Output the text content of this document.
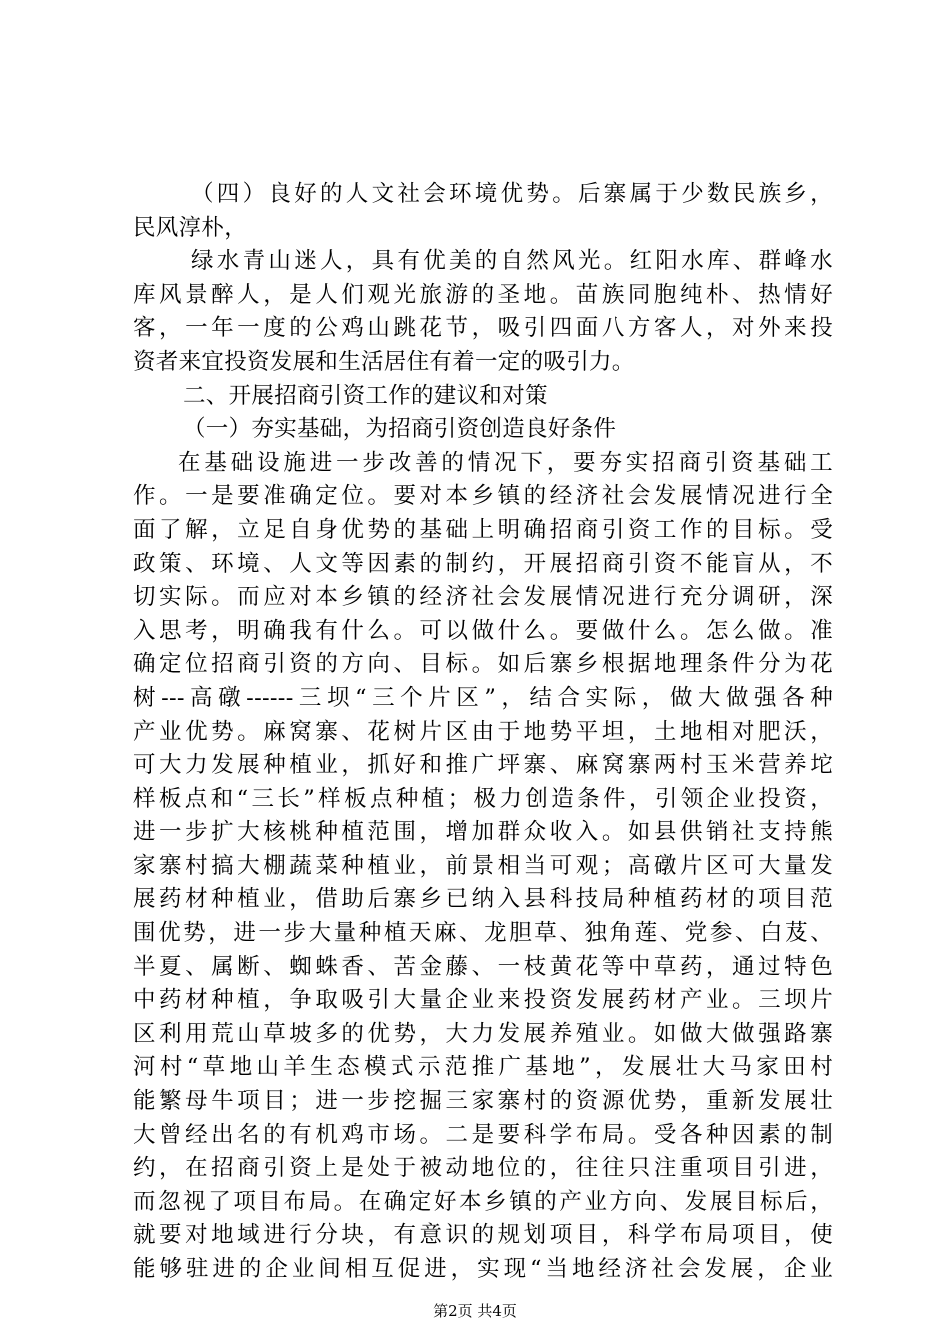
（四）良好的人文社会环境优势。后寨属于少数民族乡，
民风淳朴，
绿水青山迷人，具有优美的自然风光。红阳水库、群峰水
库风景醉人，是人们观光旅游的圣地。苗族同胞纯朴、热情好
客，一年一度的公鸡山跳花节，吸引四面八方客人，对外来投
资者来宜投资发展和生活居住有着一定的吸引力。
二、开展招商引资工作的建议和对策
（一）夯实基础，为招商引资创造良好条件
在基础设施进一步改善的情况下，要夯实招商引资基础工
作。一是要准确定位。要对本乡镇的经济社会发展情况进行全
面了解，立足自身优势的基础上明确招商引资工作的目标。受
政策、环境、人文等因素的制约，开展招商引资不能盲从，不
切实际。而应对本乡镇的经济社会发展情况进行充分调研，深
入思考，明确我有什么。可以做什么。要做什么。怎么做。准
确定位招商引资的方向、目标。如后寨乡根据地理条件分为花
树---高礅------三坝“三个片区”，结合实际，做大做强各种
产业优势。麻窝寨、花树片区由于地势平坦，土地相对肥沃，
可大力发展种植业，抓好和推广坪寨、麻窝寨两村玉米营养坨
样板点和“三长”样板点种植；极力创造条件，引领企业投资，
进一步扩大核桃种植范围，增加群众收入。如县供销社支持熊
家寨村搞大棚蔬菜种植业，前景相当可观；高礅片区可大量发
展药材种植业，借助后寨乡已纳入县科技局种植药材的项目范
围优势，进一步大量种植天麻、龙胆草、独角莲、党参、白芨、
半夏、属断、蜘蛛香、苦金藤、一枝黄花等中草药，通过特色
中药材种植，争取吸引大量企业来投资发展药材产业。三坝片
区利用荒山草坡多的优势，大力发展养殖业。如做大做强路寨
河村“草地山羊生态模式示范推广基地”，发展壮大马家田村
能繁母牛项目；进一步挖掘三家寨村的资源优势，重新发展壮
大曾经出名的有机鸡市场。二是要科学布局。受各种因素的制
约，在招商引资上是处于被动地位的，往往只注重项目引进，
而忽视了项目布局。在确定好本乡镇的产业方向、发展目标后，
就要对地域进行分块，有意识的规划项目，科学布局项目，使
能够驻进的企业间相互促进，实现“当地经济社会发展，企业
第2页 共4页
